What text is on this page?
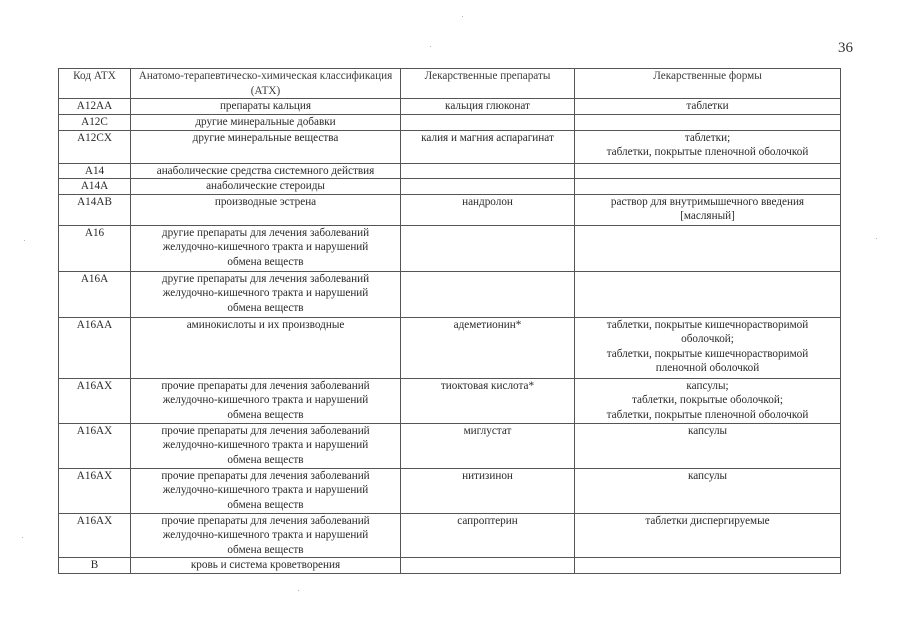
36
Код АТХ	Анатомо-терапевтическо-химическая классификация (АТХ)	Лекарственные препараты	Лекарственные формы
A12AA	препараты кальция	кальция глюконат	таблетки
A12C	другие минеральные добавки		
A12CX	другие минеральные вещества	калия и магния аспарагинат	таблетки;
таблетки, покрытые пленочной оболочкой
A14	анаболические средства системного действия		
A14A	анаболические стероиды		
A14AB	производные эстрена	нандролон	раствор для внутримышечного введения
[масляный]
A16	другие препараты для лечения заболеваний
желудочно-кишечного тракта и нарушений
обмена веществ		
A16A	другие препараты для лечения заболеваний
желудочно-кишечного тракта и нарушений
обмена веществ		
A16AA	аминокислоты и их производные	адеметионин*	таблетки, покрытые кишечнорастворимой
оболочкой;
таблетки, покрытые кишечнорастворимой
пленочной оболочкой
A16AX	прочие препараты для лечения заболеваний
желудочно-кишечного тракта и нарушений
обмена веществ	тиоктовая кислота*	капсулы;
таблетки, покрытые оболочкой;
таблетки, покрытые пленочной оболочкой
A16AX	прочие препараты для лечения заболеваний
желудочно-кишечного тракта и нарушений
обмена веществ	миглустат	капсулы
A16AX	прочие препараты для лечения заболеваний
желудочно-кишечного тракта и нарушений
обмена веществ	нитизинон	капсулы
A16AX	прочие препараты для лечения заболеваний
желудочно-кишечного тракта и нарушений
обмена веществ	сапроптерин	таблетки диспергируемые
B	кровь и система кроветворения		
